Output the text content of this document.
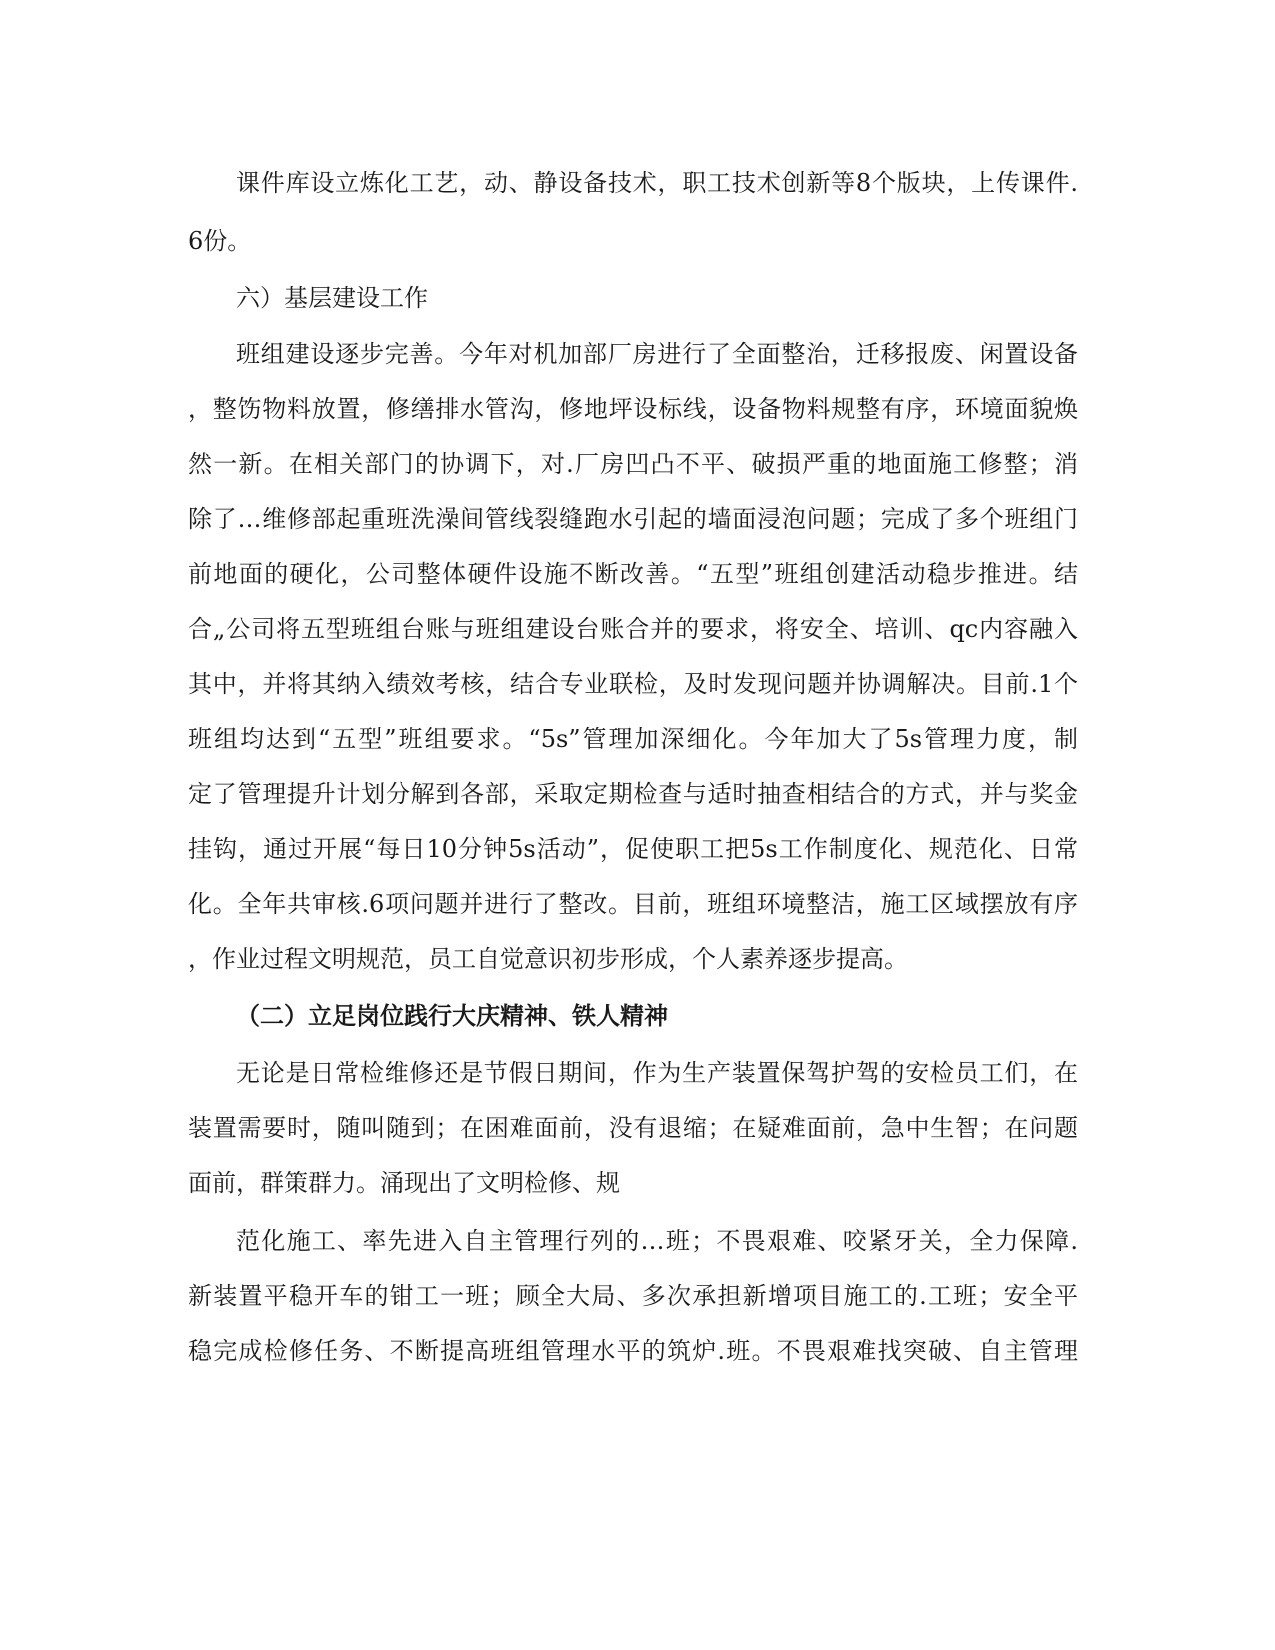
课件库设立炼化工艺，动、静设备技术，职工技术创新等8个版块，上传课件.
6份。
六）基层建设工作
班组建设逐步完善。今年对机加部厂房进行了全面整治，迁移报废、闲置设备
，整饬物料放置，修缮排水管沟，修地坪设标线，设备物料规整有序，环境面貌焕
然一新。在相关部门的协调下，对.厂房凹凸不平、破损严重的地面施工修整；消
除了…维修部起重班洗澡间管线裂缝跑水引起的墙面浸泡问题；完成了多个班组门
前地面的硬化，公司整体硬件设施不断改善。“五型”班组创建活动稳步推进。结
合„公司将五型班组台账与班组建设台账合并的要求，将安全、培训、qc内容融入
其中，并将其纳入绩效考核，结合专业联检，及时发现问题并协调解决。目前.1个
班组均达到“五型”班组要求。“5s”管理加深细化。今年加大了5s管理力度，制
定了管理提升计划分解到各部，采取定期检查与适时抽查相结合的方式，并与奖金
挂钩，通过开展“每日10分钟5s活动”，促使职工把5s工作制度化、规范化、日常
化。全年共审核.6项问题并进行了整改。目前，班组环境整洁，施工区域摆放有序
，作业过程文明规范，员工自觉意识初步形成，个人素养逐步提高。
（二）立足岗位践行大庆精神、铁人精神
无论是日常检维修还是节假日期间，作为生产装置保驾护驾的安检员工们，在
装置需要时，随叫随到；在困难面前，没有退缩；在疑难面前，急中生智；在问题
面前，群策群力。涌现出了文明检修、规
范化施工、率先进入自主管理行列的…班；不畏艰难、咬紧牙关，全力保障.
新装置平稳开车的钳工一班；顾全大局、多次承担新增项目施工的.工班；安全平
稳完成检修任务、不断提高班组管理水平的筑炉.班。不畏艰难找突破、自主管理
